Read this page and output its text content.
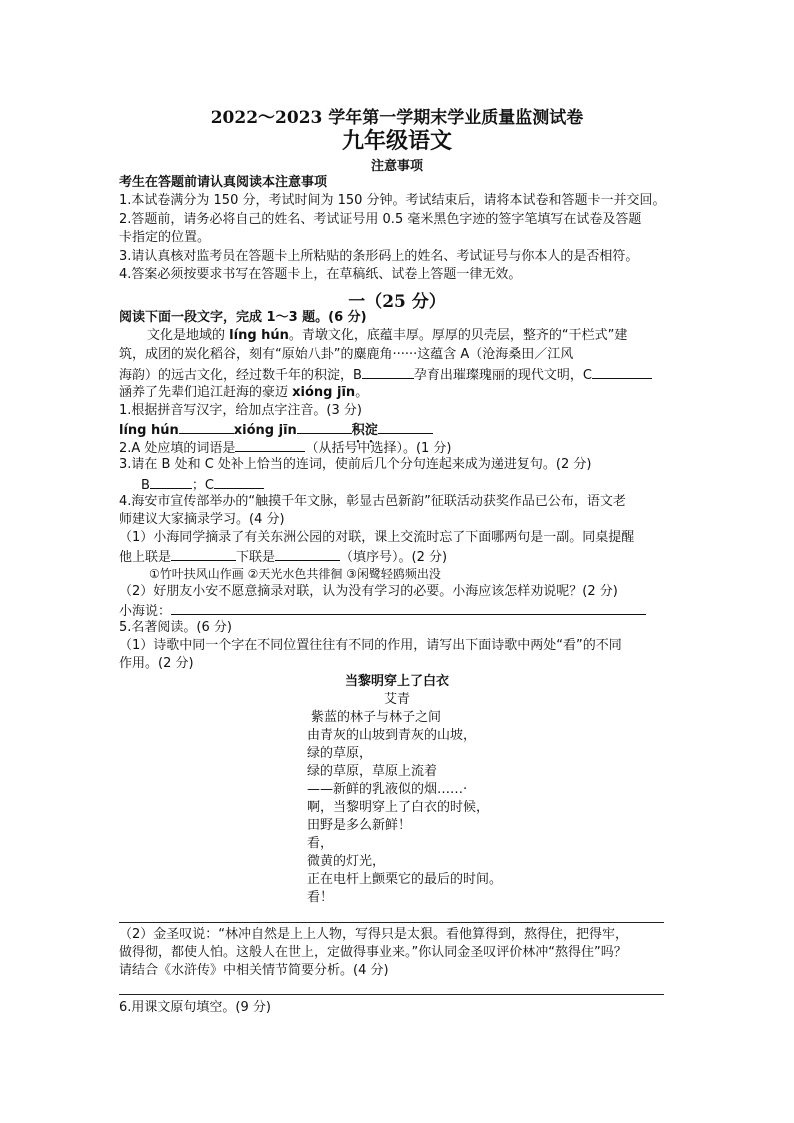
2022～2023 学年第一学期末学业质量监测试卷
九年级语文
注意事项
考生在答题前请认真阅读本注意事项
1.本试卷满分为 150 分，考试时间为 150 分钟。考试结束后，请将本试卷和答题卡一并交回。
2.答题前，请务必将自己的姓名、考试证号用 0.5 毫米黑色字迹的签字笔填写在试卷及答题
卡指定的位置。
3.请认真核对监考员在答题卡上所粘贴的条形码上的姓名、考试证号与你本人的是否相符。
4.答案必须按要求书写在答题卡上，在草稿纸、试卷上答题一律无效。
一（25 分）
阅读下面一段文字，完成 1～3 题。(6 分)
文化是地域的 líng hún。青墩文化，底蕴丰厚。厚厚的贝壳层，整齐的“干栏式”建
筑，成团的炭化稻谷，刻有“原始八卦”的麋鹿角······这蕴含 A（沧海桑田／江风
海韵）的远古文化，经过数千年的积淀，B	孕育出璀璨瑰丽的现代文明，C
涵养了先辈们追江赶海的豪迈 xióng jīn。
1.根据拼音写汉字，给加点字注音。(3 分)
líng hún	xióng jīn	积淀
2.A 处应填的词语是	（从括号中选择）。(1 分)
3.请在 B 处和 C 处补上恰当的连词，使前后几个分句连起来成为递进复句。(2 分)
B	；C
4.海安市宣传部举办的“触摸千年文脉，彰显古邑新韵”征联活动获奖作品已公布，语文老
师建议大家摘录学习。(4 分)
（1）小海同学摘录了有关东洲公园的对联，课上交流时忘了下面哪两句是一副。同桌提醒
他上联是	下联是	（填序号）。(2 分)
①竹叶扶风山作画 ②天光水色共徘徊 ③闲鹭轻鸥频出没
（2）好朋友小安不愿意摘录对联，认为没有学习的必要。小海应该怎样劝说呢？(2 分)
小海说：
5.名著阅读。(6 分)
（1）诗歌中同一个字在不同位置往往有不同的作用，请写出下面诗歌中两处“看”的不同
作用。(2 分)
当黎明穿上了白衣
艾青
紫蓝的林子与林子之间
由青灰的山坡到青灰的山坡，
绿的草原，
绿的草原，草原上流着
——新鲜的乳液似的烟……·
啊，当黎明穿上了白衣的时候，
田野是多么新鲜！
看，
微黄的灯光，
正在电杆上颤栗它的最后的时间。
看！
（2）金圣叹说：“林冲自然是上上人物，写得只是太狠。看他算得到，熬得住，把得牢，
做得彻，都使人怕。这般人在世上，定做得事业来。”你认同金圣叹评价林冲“熬得住”吗？
请结合《水浒传》中相关情节简要分析。(4 分)
6.用课文原句填空。(9 分)
